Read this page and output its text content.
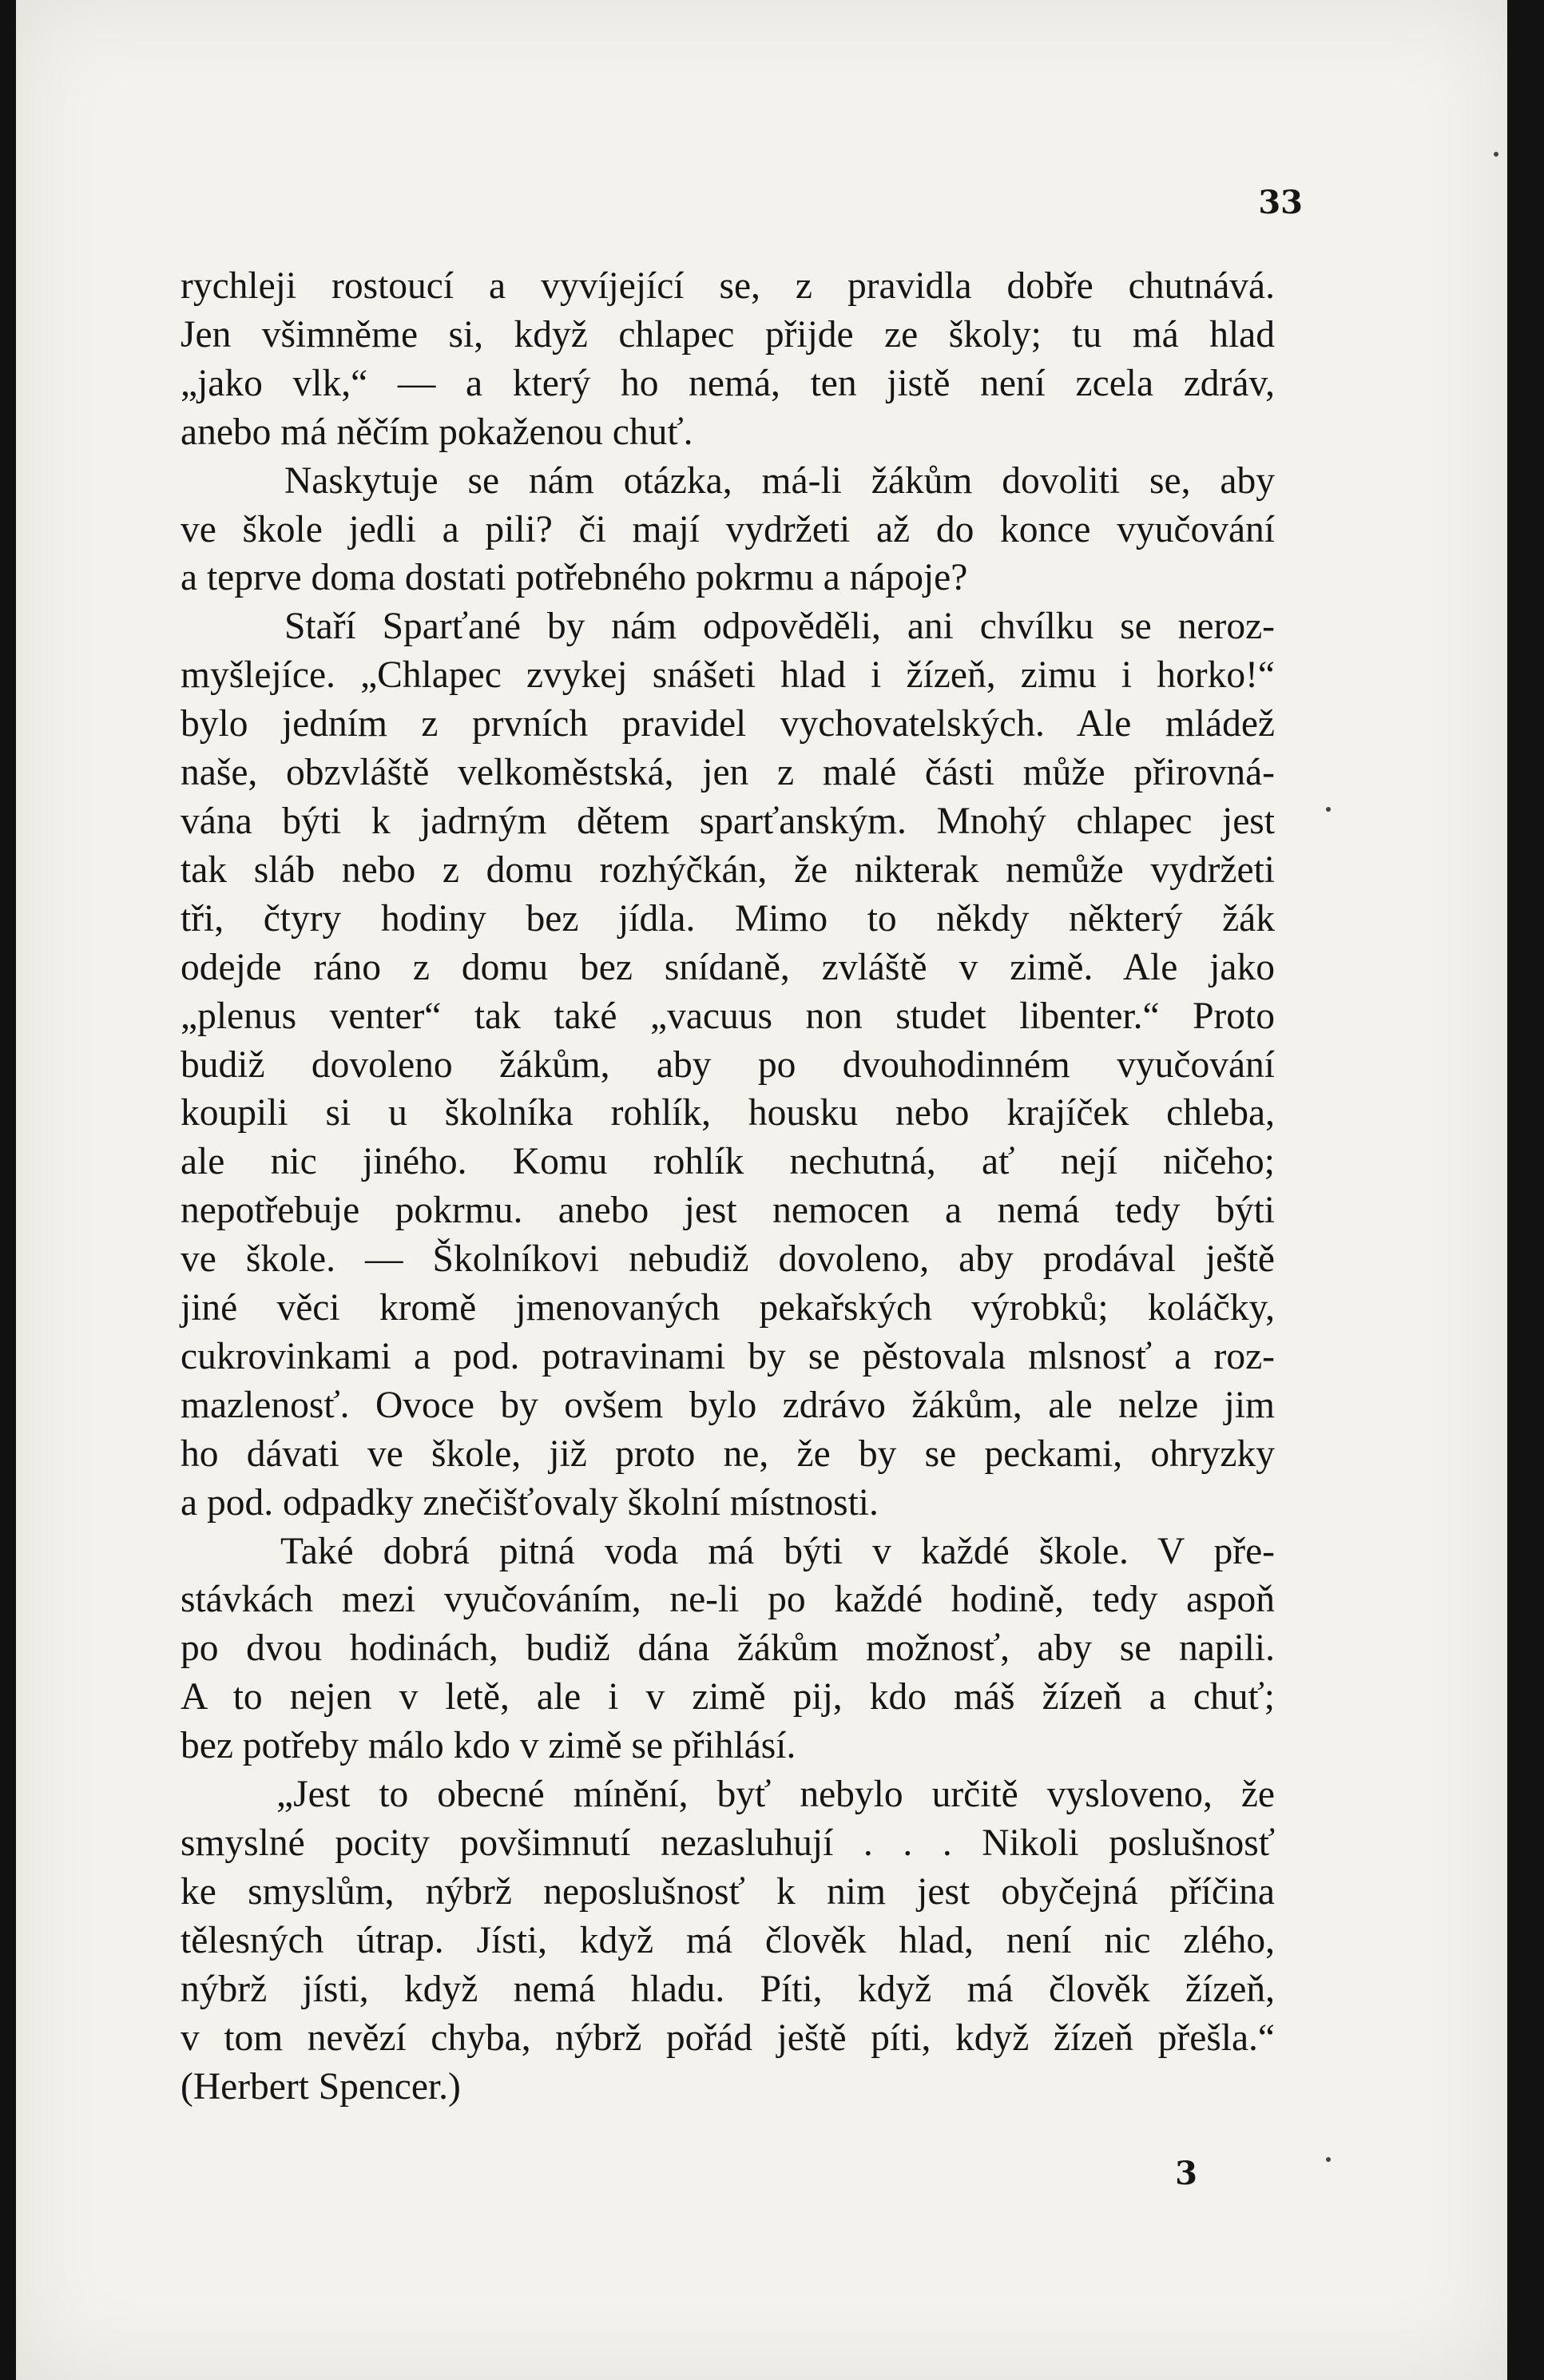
33

rychleji rostoucí a vyvíjející se, z pravidla dobře chutnává.
Jen všimněme si, když chlapec přijde ze školy; tu má hlad
„jako vlk,“ — a který ho nemá, ten jistě není zcela zdráv,
anebo má něčím pokaženou chuť.

Naskytuje se nám otázka, má-li žákům dovoliti se, aby
ve škole jedli a pili? či mají vydržeti až do konce vyučování
a teprve doma dostati potřebného pokrmu a nápoje?

Staří Sparťané by nám odpověděli, ani chvílku se neroz-
myšlejíce. „Chlapec zvykej snášeti hlad i žízeň, zimu i horko!“
bylo jedním z prvních pravidel vychovatelských. Ale mládež
naše, obzvláště velkoměstská, jen z malé části může přirovná-
vána býti k jadrným dětem sparťanským. Mnohý chlapec jest
tak sláb nebo z domu rozhýčkán, že nikterak nemůže vydržeti
tři, čtyry hodiny bez jídla. Mimo to někdy některý žák
odejde ráno z domu bez snídaně, zvláště v zimě. Ale jako
„plenus venter“ tak také „vacuus non studet libenter.“ Proto
budiž dovoleno žákům, aby po dvouhodinném vyučování
koupili si u školníka rohlík, housku nebo krajíček chleba,
ale nic jiného. Komu rohlík nechutná, ať nejí ničeho;
nepotřebuje pokrmu. anebo jest nemocen a nemá tedy býti
ve škole. — Školníkovi nebudiž dovoleno, aby prodával ještě
jiné věci kromě jmenovaných pekařských výrobků; koláčky,
cukrovinkami a pod. potravinami by se pěstovala mlsnosť a roz-
mazlenosť. Ovoce by ovšem bylo zdrávo žákům, ale nelze jim
ho dávati ve škole, již proto ne, že by se peckami, ohryzky
a pod. odpadky znečišťovaly školní místnosti.

Také dobrá pitná voda má býti v každé škole. V pře-
stávkách mezi vyučováním, ne-li po každé hodině, tedy aspoň
po dvou hodinách, budiž dána žákům možnosť, aby se napili.
A to nejen v letě, ale i v zimě pij, kdo máš žízeň a chuť;
bez potřeby málo kdo v zimě se přihlásí.

„Jest to obecné mínění, byť nebylo určitě vysloveno, že
smyslné pocity povšimnutí nezasluhují . . . Nikoli poslušnosť
ke smyslům, nýbrž neposlušnosť k nim jest obyčejná příčina
tělesných útrap. Jísti, když má člověk hlad, není nic zlého,
nýbrž jísti, když nemá hladu. Píti, když má člověk žízeň,
v tom nevězí chyba, nýbrž pořád ještě píti, když žízeň přešla.“
(Herbert Spencer.)

3
